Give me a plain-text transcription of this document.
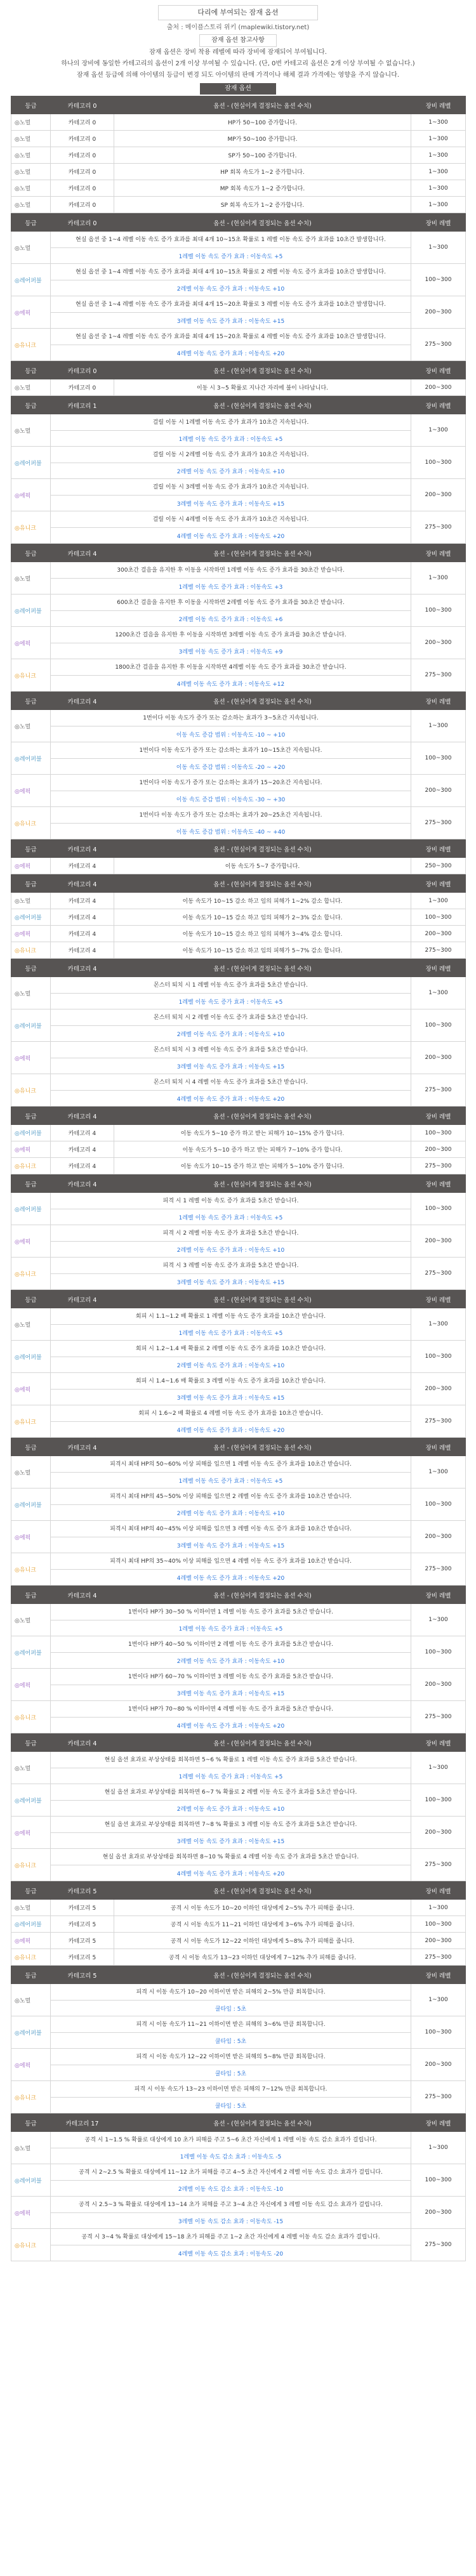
다리에 부여되는 잠재 옵션
출처 : 메이플스토리 위키 (maplewiki.tistory.net)
잠재 옵션 참고사항
잠재 옵션은 장비 착용 레벨에 따라 장비에 잠재되어 부여됩니다.
하나의 장비에 동일한 카테고리의 옵션이 2개 이상 부여될 수 있습니다. (단, 0번 카테고리 옵션은 2개 이상 부여될 수 없습니다.)
잠재 옵션 등급에 의해 아이템의 등급이 변경 되도 아이템의 판매 가격이나 해체 결과 가격에는 영향을 주지 않습니다.
잠재 옵션
등급	카테고리 0	옵션 - (현실이게 결정되는 옵션 수치)	장비 레벨
◎노멀	카테고리 0	HP가 50~100 증가합니다.	1~300
◎노멀	카테고리 0	MP가 50~100 증가합니다.	1~300
◎노멀	카테고리 0	SP가 50~100 증가합니다.	1~300
◎노멀	카테고리 0	HP 회복 속도가 1~2 증가합니다.	1~300
◎노멀	카테고리 0	MP 회복 속도가 1~2 증가합니다.	1~300
◎노멀	카테고리 0	SP 회복 속도가 1~2 증가합니다.	1~300
등급	카테고리 0	옵션 - (현실이게 결정되는 옵션 수치)	장비 레벨
◎노멀	현실 옵션 중 1~4 레벨 이동 속도 증가 효과를 최대 4개 10~15초 확률로 1 레벨 이동 속도 증가 효과를 10초간 발생합니다.		1~300
	1레벨 이동 속도 증가 효과 : 이동속도 +5		
◎레어퍼블	현실 옵션 중 1~4 레벨 이동 속도 증가 효과를 최대 4개 10~15초 확률로 2 레벨 이동 속도 증가 효과를 10초간 발생합니다.		100~300
	2레벨 이동 속도 증가 효과 : 이동속도 +10		
◎에픽	현실 옵션 중 1~4 레벨 이동 속도 증가 효과를 최대 4개 15~20초 확률로 3 레벨 이동 속도 증가 효과를 10초간 발생합니다.		200~300
	3레벨 이동 속도 증가 효과 : 이동속도 +15		
◎유니크	현실 옵션 중 1~4 레벨 이동 속도 증가 효과를 최대 4개 15~20초 확률로 4 레벨 이동 속도 증가 효과를 10초간 발생합니다.		275~300
	4레벨 이동 속도 증가 효과 : 이동속도 +20		
등급	카테고리 0	옵션 - (현실이게 결정되는 옵션 수치)	장비 레벨
◎노멀	카테고리 0	이동 시 3~5 확률로 지나간 자리에 불이 나타납니다.	200~300
등급	카테고리 1	옵션 - (현실이게 결정되는 옵션 수치)	장비 레벨
◎노멀	걸릴 이동 시 1레벨 이동 속도 증가 효과가 10초간 지속됩니다.		1~300
	1레벨 이동 속도 증가 효과 : 이동속도 +5		
◎레어퍼블	걸릴 이동 시 2레벨 이동 속도 증가 효과가 10초간 지속됩니다.		100~300
	2레벨 이동 속도 증가 효과 : 이동속도 +10		
◎에픽	걸릴 이동 시 3레벨 이동 속도 증가 효과가 10초간 지속됩니다.		200~300
	3레벨 이동 속도 증가 효과 : 이동속도 +15		
◎유니크	걸릴 이동 시 4레벨 이동 속도 증가 효과가 10초간 지속됩니다.		275~300
	4레벨 이동 속도 증가 효과 : 이동속도 +20		
등급	카테고리 4	옵션 - (현실이게 결정되는 옵션 수치)	장비 레벨
◎노멀	300초간 걸음을 유지한 후 이동을 시작하면 1레벨 이동 속도 증가 효과를 30초간 받습니다.		1~300
	1레벨 이동 속도 증가 효과 : 이동속도 +3		
◎레어퍼블	600초간 걸음을 유지한 후 이동을 시작하면 2레벨 이동 속도 증가 효과를 30초간 받습니다.		100~300
	2레벨 이동 속도 증가 효과 : 이동속도 +6		
◎에픽	1200초간 걸음을 유지한 후 이동을 시작하면 3레벨 이동 속도 증가 효과를 30초간 받습니다.		200~300
	3레벨 이동 속도 증가 효과 : 이동속도 +9		
◎유니크	1800초간 걸음을 유지한 후 이동을 시작하면 4레벨 이동 속도 증가 효과를 30초간 받습니다.		275~300
	4레벨 이동 속도 증가 효과 : 이동속도 +12		
등급	카테고리 4	옵션 - (현실이게 결정되는 옵션 수치)	장비 레벨
◎노멀	1번이다 이동 속도가 증가 또는 감소하는 효과가 3~5초간 지속됩니다.		1~300
	이동 속도 증감 범위 : 이동속도 -10 ~ +10		
◎레어퍼블	1번이다 이동 속도가 증가 또는 감소하는 효과가 10~15초간 지속됩니다.		100~300
	이동 속도 증감 범위 : 이동속도 -20 ~ +20		
◎에픽	1번이다 이동 속도가 증가 또는 감소하는 효과가 15~20초간 지속됩니다.		200~300
	이동 속도 증감 범위 : 이동속도 -30 ~ +30		
◎유니크	1번이다 이동 속도가 증가 또는 감소하는 효과가 20~25초간 지속됩니다.		275~300
	이동 속도 증감 범위 : 이동속도 -40 ~ +40		
등급	카테고리 4	옵션 - (현실이게 결정되는 옵션 수치)	장비 레벨
◎에픽	카테고리 4	이동 속도가 5~7 증가합니다.	250~300
등급	카테고리 4	옵션 - (현실이게 결정되는 옵션 수치)	장비 레벨
◎노멀	카테고리 4	이동 속도가 10~15 감소 하고 임의 피해가 1~2% 감소 합니다.	1~300
◎레어퍼블	카테고리 4	이동 속도가 10~15 감소 하고 임의 피해가 2~3% 감소 합니다.	100~300
◎에픽	카테고리 4	이동 속도가 10~15 감소 하고 임의 피해가 3~4% 감소 합니다.	200~300
◎유니크	카테고리 4	이동 속도가 10~15 감소 하고 임의 피해가 5~7% 감소 합니다.	275~300
등급	카테고리 4	옵션 - (현실이게 결정되는 옵션 수치)	장비 레벨
◎노멀	몬스터 퇴치 시 1 레벨 이동 속도 증가 효과를 5초간 받습니다.		1~300
	1레벨 이동 속도 증가 효과 : 이동속도 +5		
◎레어퍼블	몬스터 퇴치 시 2 레벨 이동 속도 증가 효과를 5초간 받습니다.		100~300
	2레벨 이동 속도 증가 효과 : 이동속도 +10		
◎에픽	몬스터 퇴치 시 3 레벨 이동 속도 증가 효과를 5초간 받습니다.		200~300
	3레벨 이동 속도 증가 효과 : 이동속도 +15		
◎유니크	몬스터 퇴치 시 4 레벨 이동 속도 증가 효과를 5초간 받습니다.		275~300
	4레벨 이동 속도 증가 효과 : 이동속도 +20		
등급	카테고리 4	옵션 - (현실이게 결정되는 옵션 수치)	장비 레벨
◎레어퍼블	카테고리 4	이동 속도가 5~10 증가 하고 받는 피해가 10~15% 증가 합니다.	100~300
◎에픽	카테고리 4	이동 속도가 5~10 증가 하고 받는 피해가 7~10% 증가 합니다.	200~300
◎유니크	카테고리 4	이동 속도가 10~15 증가 하고 받는 피해가 5~10% 증가 합니다.	275~300
등급	카테고리 4	옵션 - (현실이게 결정되는 옵션 수치)	장비 레벨
◎레어퍼블	피격 시 1 레벨 이동 속도 증가 효과를 5초간 받습니다.		100~300
	1레벨 이동 속도 증가 효과 : 이동속도 +5		
◎에픽	피격 시 2 레벨 이동 속도 증가 효과를 5초간 받습니다.		200~300
	2레벨 이동 속도 증가 효과 : 이동속도 +10		
◎유니크	피격 시 3 레벨 이동 속도 증가 효과를 5초간 받습니다.		275~300
	3레벨 이동 속도 증가 효과 : 이동속도 +15		
등급	카테고리 4	옵션 - (현실이게 결정되는 옵션 수치)	장비 레벨
◎노멀	회피 시 1.1~1.2 배 확률로 1 레벨 이동 속도 증가 효과를 10초간 받습니다.		1~300
	1레벨 이동 속도 증가 효과 : 이동속도 +5		
◎레어퍼블	회피 시 1.2~1.4 배 확률로 2 레벨 이동 속도 증가 효과를 10초간 받습니다.		100~300
	2레벨 이동 속도 증가 효과 : 이동속도 +10		
◎에픽	회피 시 1.4~1.6 배 확률로 3 레벨 이동 속도 증가 효과를 10초간 받습니다.		200~300
	3레벨 이동 속도 증가 효과 : 이동속도 +15		
◎유니크	회피 시 1.6~2 배 확률로 4 레벨 이동 속도 증가 효과를 10초간 받습니다.		275~300
	4레벨 이동 속도 증가 효과 : 이동속도 +20		
등급	카테고리 4	옵션 - (현실이게 결정되는 옵션 수치)	장비 레벨
◎노멀	피격시 최대 HP의 50~60% 이상 피해를 입으면 1 레벨 이동 속도 증가 효과를 10초간 받습니다.		1~300
	1레벨 이동 속도 증가 효과 : 이동속도 +5		
◎레어퍼블	피격시 최대 HP의 45~50% 이상 피해를 입으면 2 레벨 이동 속도 증가 효과를 10초간 받습니다.		100~300
	2레벨 이동 속도 증가 효과 : 이동속도 +10		
◎에픽	피격시 최대 HP의 40~45% 이상 피해를 입으면 3 레벨 이동 속도 증가 효과를 10초간 받습니다.		200~300
	3레벨 이동 속도 증가 효과 : 이동속도 +15		
◎유니크	피격시 최대 HP의 35~40% 이상 피해를 입으면 4 레벨 이동 속도 증가 효과를 10초간 받습니다.		275~300
	4레벨 이동 속도 증가 효과 : 이동속도 +20		
등급	카테고리 4	옵션 - (현실이게 결정되는 옵션 수치)	장비 레벨
◎노멀	1번이다 HP가 30~50 % 이하이면 1 레벨 이동 속도 증가 효과를 5초간 받습니다.		1~300
	1레벨 이동 속도 증가 효과 : 이동속도 +5		
◎레어퍼블	1번이다 HP가 40~50 % 이하이면 2 레벨 이동 속도 증가 효과를 5초간 받습니다.		100~300
	2레벨 이동 속도 증가 효과 : 이동속도 +10		
◎에픽	1번이다 HP가 60~70 % 이하이면 3 레벨 이동 속도 증가 효과를 5초간 받습니다.		200~300
	3레벨 이동 속도 증가 효과 : 이동속도 +15		
◎유니크	1번이다 HP가 70~80 % 이하이면 4 레벨 이동 속도 증가 효과를 5초간 받습니다.		275~300
	4레벨 이동 속도 증가 효과 : 이동속도 +20		
등급	카테고리 4	옵션 - (현실이게 결정되는 옵션 수치)	장비 레벨
◎노멀	현실 옵션 효과로 부상상태를 회복하면 5~6 % 확률로 1 레벨 이동 속도 증가 효과를 5초간 받습니다.		1~300
	1레벨 이동 속도 증가 효과 : 이동속도 +5		
◎레어퍼블	현실 옵션 효과로 부상상태를 회복하면 6~7 % 확률로 2 레벨 이동 속도 증가 효과를 5초간 받습니다.		100~300
	2레벨 이동 속도 증가 효과 : 이동속도 +10		
◎에픽	현실 옵션 효과로 부상상태를 회복하면 7~8 % 확률로 3 레벨 이동 속도 증가 효과를 5초간 받습니다.		200~300
	3레벨 이동 속도 증가 효과 : 이동속도 +15		
◎유니크	현실 옵션 효과로 부상상태를 회복하면 8~10 % 확률로 4 레벨 이동 속도 증가 효과를 5초간 받습니다.		275~300
	4레벨 이동 속도 증가 효과 : 이동속도 +20		
등급	카테고리 5	옵션 - (현실이게 결정되는 옵션 수치)	장비 레벨
◎노멀	카테고리 5	공격 시 이동 속도가 10~20 이하인 대상에게 2~5% 추가 피해를 줍니다.	1~300
◎레어퍼블	카테고리 5	공격 시 이동 속도가 11~21 이하인 대상에게 3~6% 추가 피해를 줍니다.	100~300
◎에픽	카테고리 5	공격 시 이동 속도가 12~22 이하인 대상에게 5~8% 추가 피해를 줍니다.	200~300
◎유니크	카테고리 5	공격 시 이동 속도가 13~23 이하인 대상에게 7~12% 추가 피해를 줍니다.	275~300
등급	카테고리 5	옵션 - (현실이게 결정되는 옵션 수치)	장비 레벨
◎노멀	피격 시 이동 속도가 10~20 이하이면 받은 피해의 2~5% 만큼 회복합니다.		1~300
	쿨타임 : 5초		
◎레어퍼블	피격 시 이동 속도가 11~21 이하이면 받은 피해의 3~6% 만큼 회복합니다.		100~300
	쿨타임 : 5초		
◎에픽	피격 시 이동 속도가 12~22 이하이면 받은 피해의 5~8% 만큼 회복합니다.		200~300
	쿨타임 : 5초		
◎유니크	피격 시 이동 속도가 13~23 이하이면 받은 피해의 7~12% 만큼 회복합니다.		275~300
	쿨타임 : 5초		
등급	카테고리 17	옵션 - (현실이게 결정되는 옵션 수치)	장비 레벨
◎노멀	공격 시 1~1.5 % 확률로 대상에게 10 초가 피해를 주고 5~6 초간 자신에게 1 레벨 이동 속도 감소 효과가 걸립니다.		1~300
	1레벨 이동 속도 감소 효과 : 이동속도 -5		
◎레어퍼블	공격 시 2~2.5 % 확률로 대상에게 11~12 초가 피해를 주고 4~5 초간 자신에게 2 레벨 이동 속도 감소 효과가 걸립니다.		100~300
	2레벨 이동 속도 감소 효과 : 이동속도 -10		
◎에픽	공격 시 2.5~3 % 확률로 대상에게 13~14 초가 피해를 주고 3~4 초간 자신에게 3 레벨 이동 속도 감소 효과가 걸립니다.		200~300
	3레벨 이동 속도 감소 효과 : 이동속도 -15		
◎유니크	공격 시 3~4 % 확률로 대상에게 15~18 초가 피해를 주고 1~2 초간 자신에게 4 레벨 이동 속도 감소 효과가 걸립니다.		275~300
	4레벨 이동 속도 감소 효과 : 이동속도 -20		
